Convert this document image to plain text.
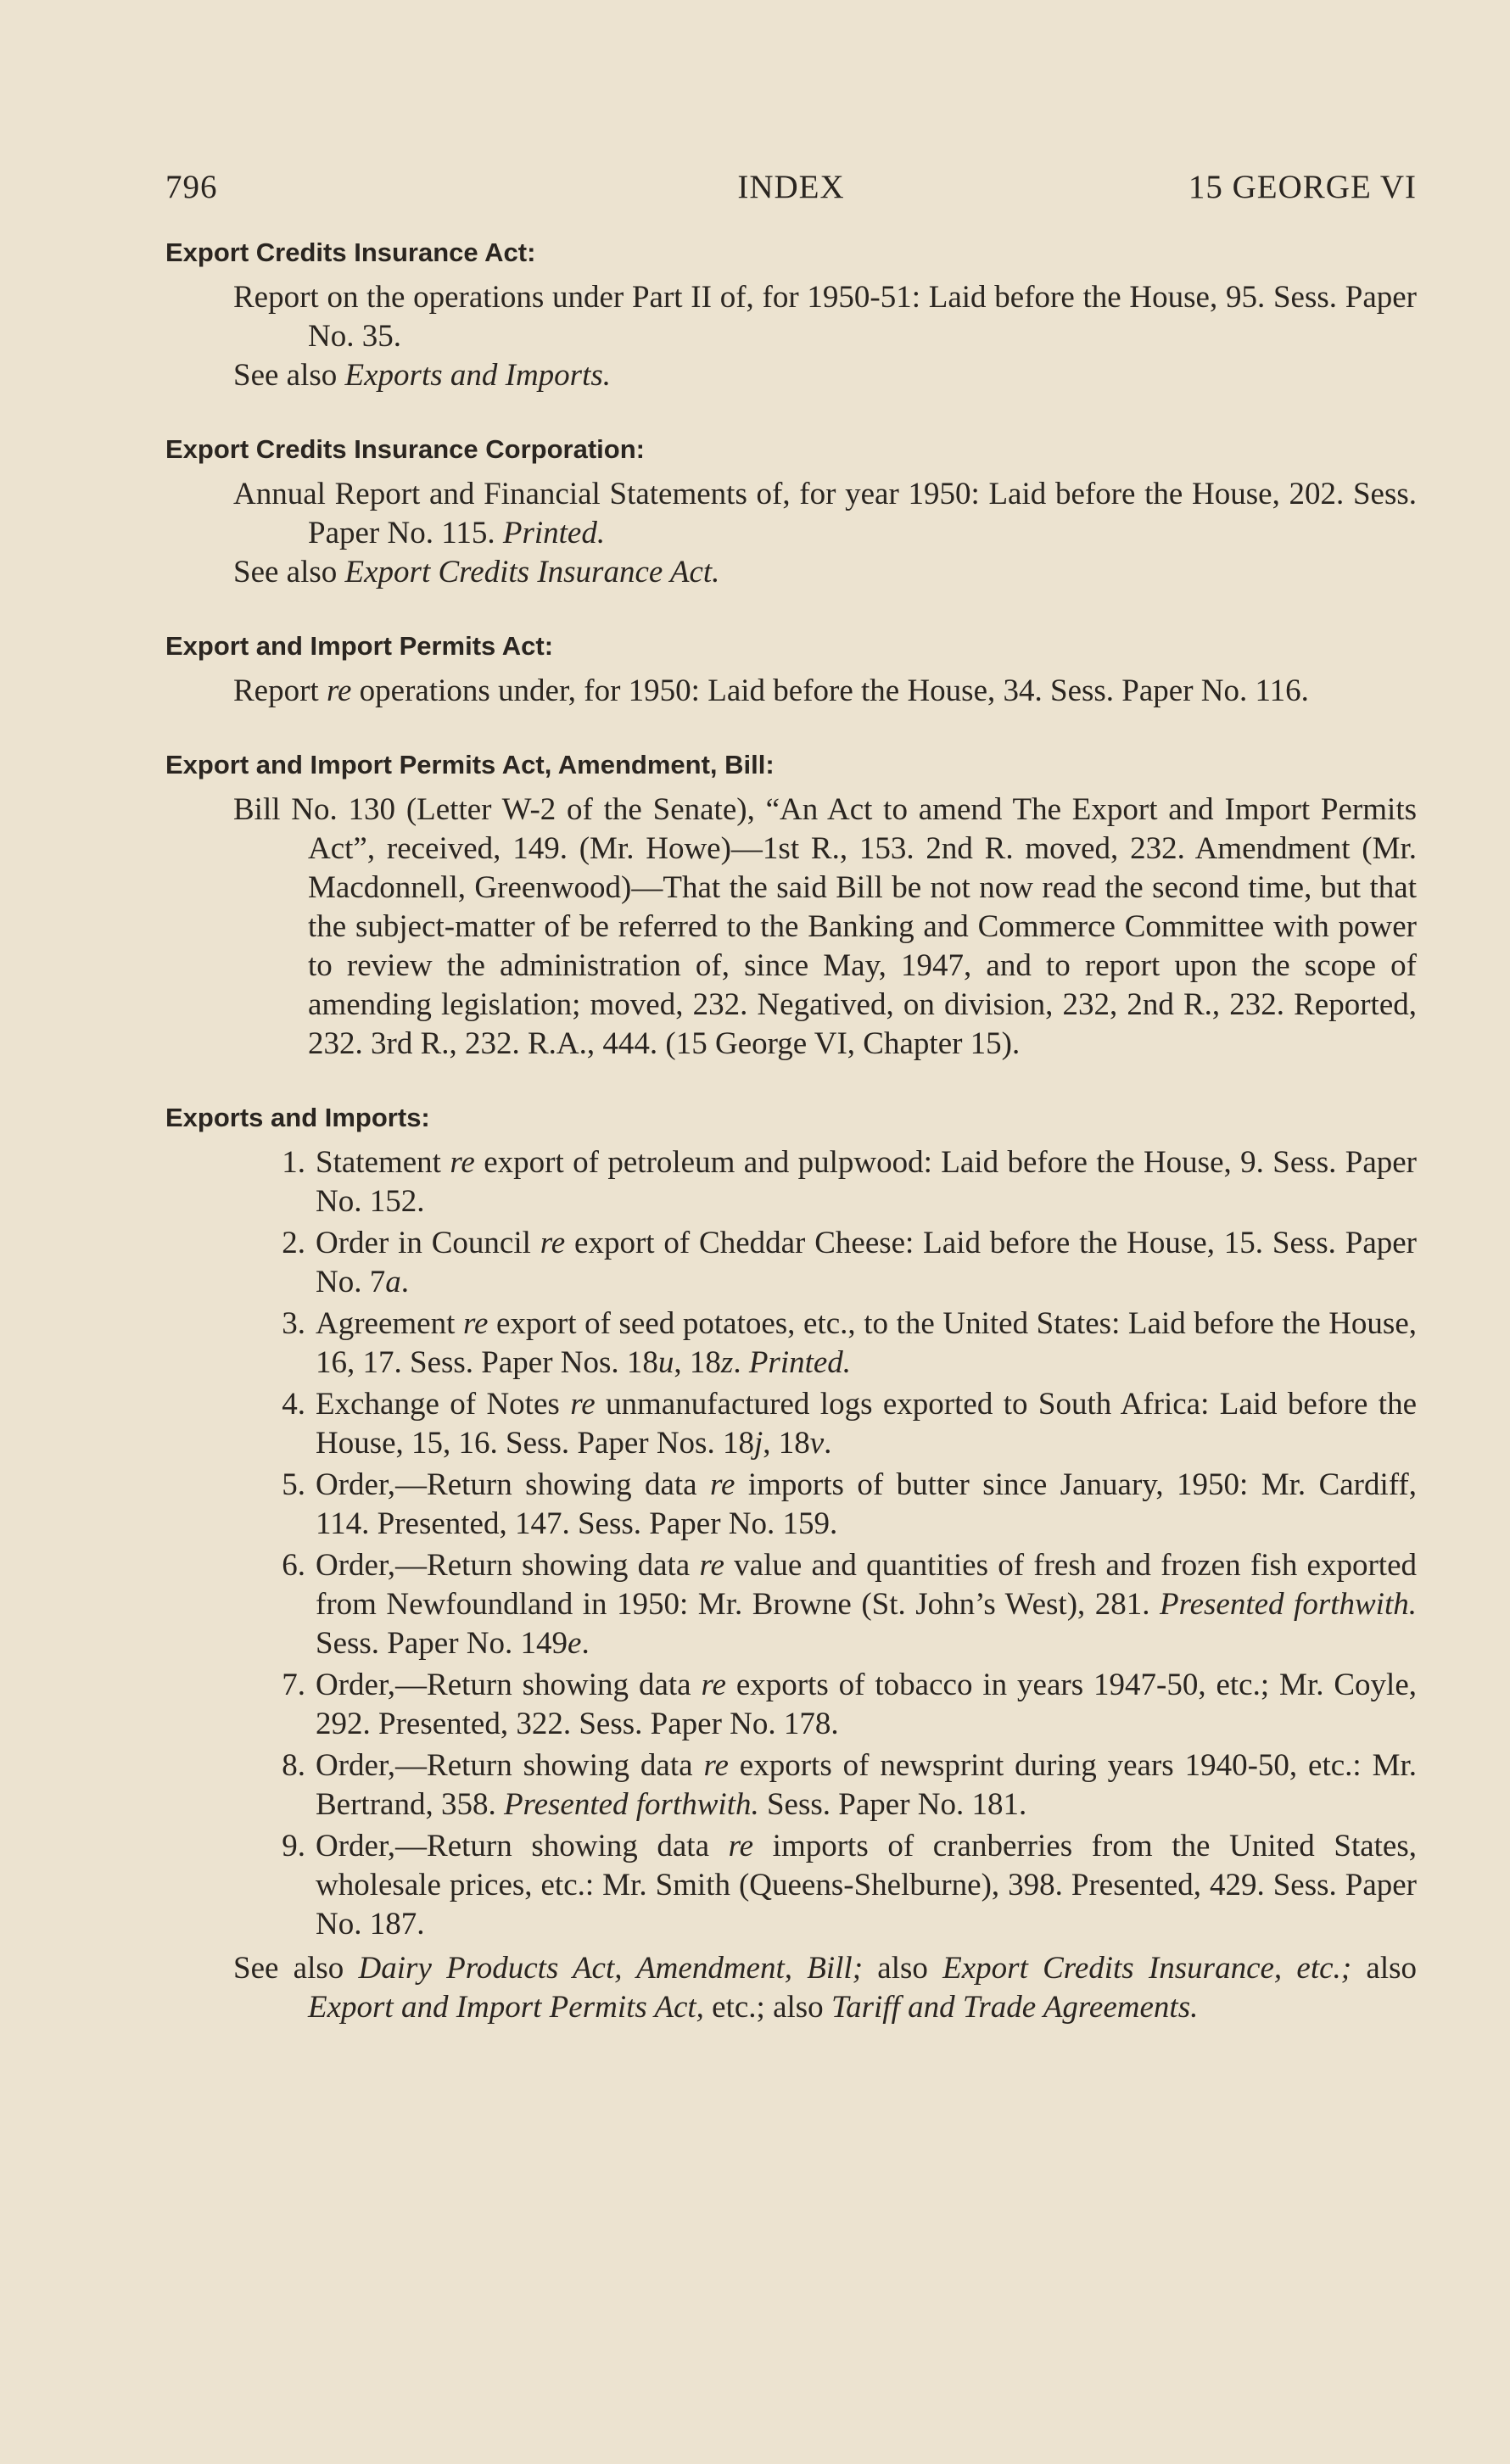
796	INDEX	15 GEORGE VI
Export Credits Insurance Act:
Report on the operations under Part II of, for 1950-51: Laid before the House, 95. Sess. Paper No. 35.
See also Exports and Imports.
Export Credits Insurance Corporation:
Annual Report and Financial Statements of, for year 1950: Laid before the House, 202. Sess. Paper No. 115. Printed.
See also Export Credits Insurance Act.
Export and Import Permits Act:
Report re operations under, for 1950: Laid before the House, 34. Sess. Paper No. 116.
Export and Import Permits Act, Amendment, Bill:
Bill No. 130 (Letter W-2 of the Senate), “An Act to amend The Export and Import Permits Act”, received, 149. (Mr. Howe)—1st R., 153. 2nd R. moved, 232. Amendment (Mr. Macdonnell, Greenwood)—That the said Bill be not now read the second time, but that the subject-matter of be referred to the Banking and Commerce Committee with power to review the administration of, since May, 1947, and to report upon the scope of amending legislation; moved, 232. Negatived, on division, 232, 2nd R., 232. Reported, 232. 3rd R., 232. R.A., 444. (15 George VI, Chapter 15).
Exports and Imports:
1. Statement re export of petroleum and pulpwood: Laid before the House, 9. Sess. Paper No. 152.
2. Order in Council re export of Cheddar Cheese: Laid before the House, 15. Sess. Paper No. 7a.
3. Agreement re export of seed potatoes, etc., to the United States: Laid before the House, 16, 17. Sess. Paper Nos. 18u, 18z. Printed.
4. Exchange of Notes re unmanufactured logs exported to South Africa: Laid before the House, 15, 16. Sess. Paper Nos. 18j, 18v.
5. Order,—Return showing data re imports of butter since January, 1950: Mr. Cardiff, 114. Presented, 147. Sess. Paper No. 159.
6. Order,—Return showing data re value and quantities of fresh and frozen fish exported from Newfoundland in 1950: Mr. Browne (St. John’s West), 281. Presented forthwith. Sess. Paper No. 149e.
7. Order,—Return showing data re exports of tobacco in years 1947-50, etc.; Mr. Coyle, 292. Presented, 322. Sess. Paper No. 178.
8. Order,—Return showing data re exports of newsprint during years 1940-50, etc.: Mr. Bertrand, 358. Presented forthwith. Sess. Paper No. 181.
9. Order,—Return showing data re imports of cranberries from the United States, wholesale prices, etc.: Mr. Smith (Queens-Shelburne), 398. Presented, 429. Sess. Paper No. 187.
See also Dairy Products Act, Amendment, Bill; also Export Credits Insurance, etc.; also Export and Import Permits Act, etc.; also Tariff and Trade Agreements.
